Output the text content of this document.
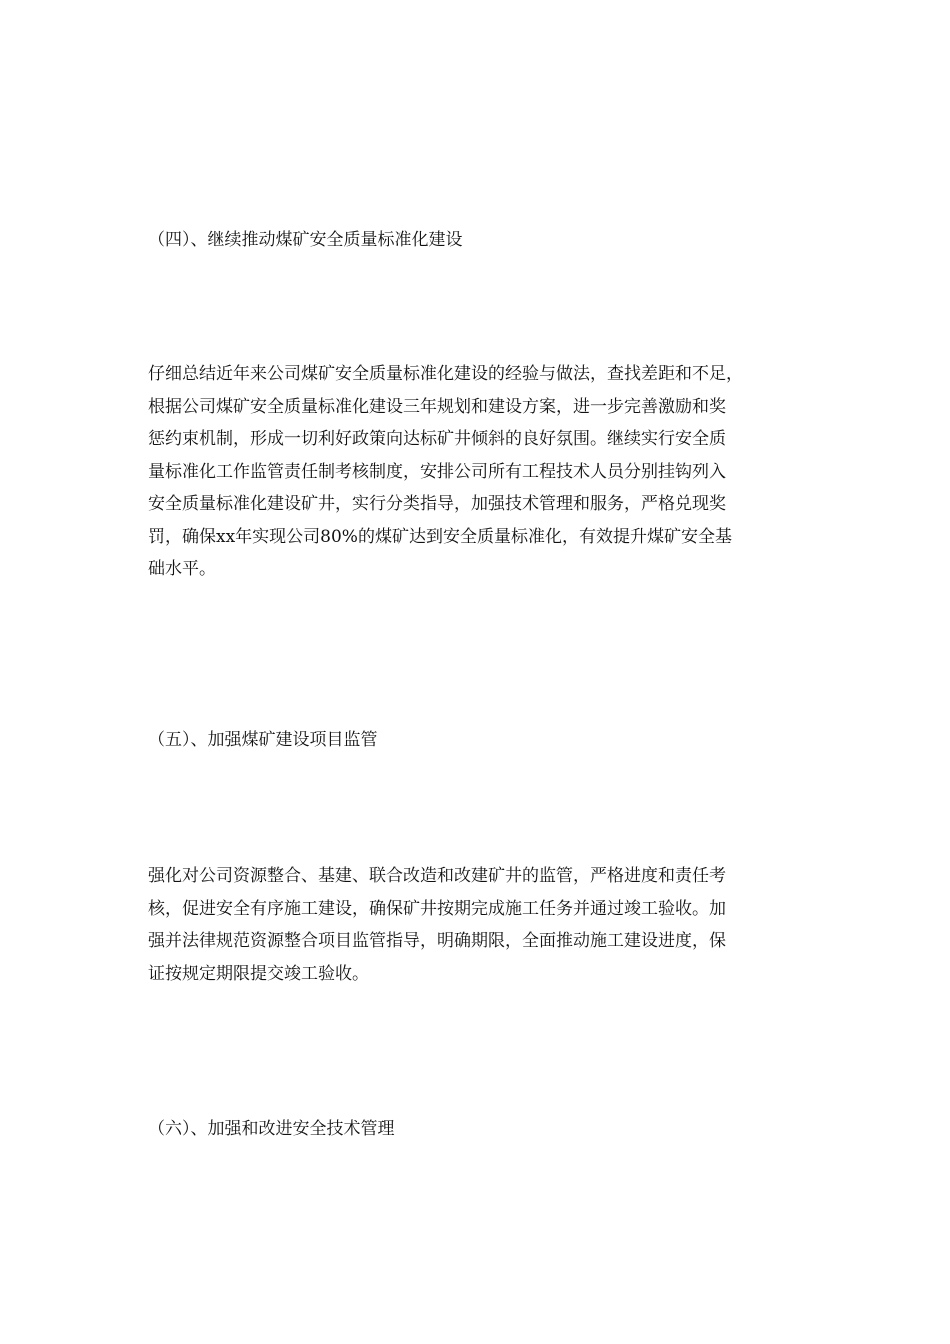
（四）、继续推动煤矿安全质量标准化建设
仔细总结近年来公司煤矿安全质量标准化建设的经验与做法，查找差距和不足，
根据公司煤矿安全质量标准化建设三年规划和建设方案，进一步完善激励和奖
惩约束机制，形成一切利好政策向达标矿井倾斜的良好氛围。继续实行安全质
量标准化工作监管责任制考核制度，安排公司所有工程技术人员分别挂钩列入
安全质量标准化建设矿井，实行分类指导，加强技术管理和服务，严格兑现奖
罚，确保xx年实现公司80%的煤矿达到安全质量标准化，有效提升煤矿安全基
础水平。
（五）、加强煤矿建设项目监管
强化对公司资源整合、基建、联合改造和改建矿井的监管，严格进度和责任考
核，促进安全有序施工建设，确保矿井按期完成施工任务并通过竣工验收。加
强并法律规范资源整合项目监管指导，明确期限，全面推动施工建设进度，保
证按规定期限提交竣工验收。
（六）、加强和改进安全技术管理
